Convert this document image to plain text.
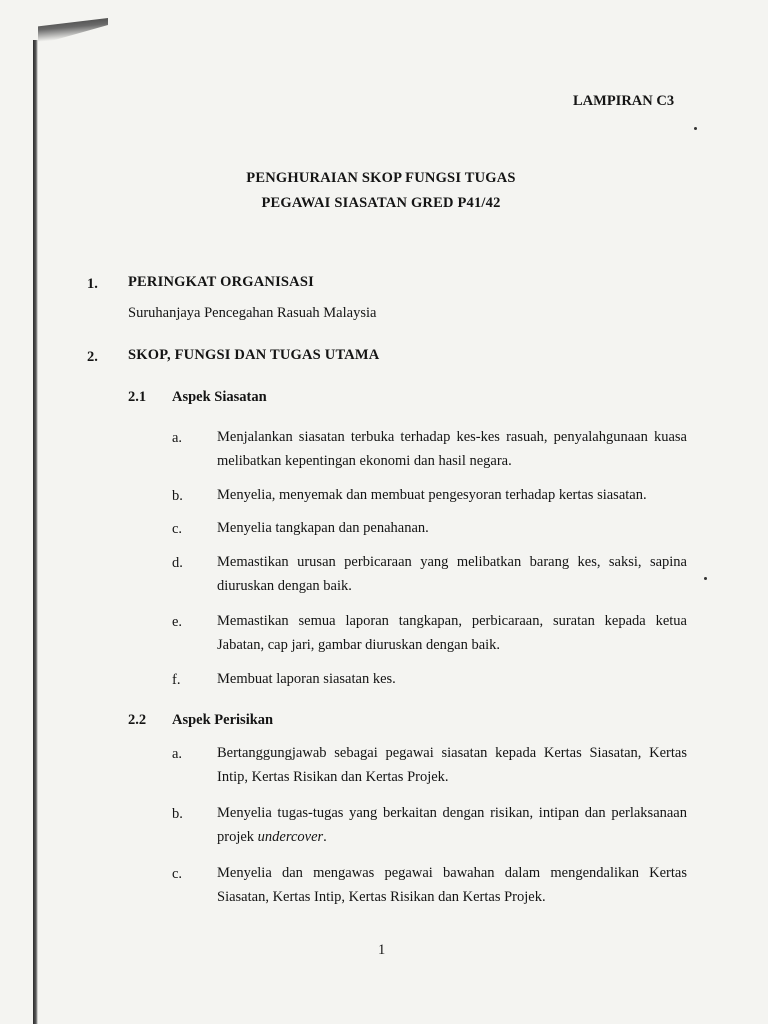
LAMPIRAN C3
PENGHURAIAN SKOP FUNGSI TUGAS
PEGAWAI SIASATAN GRED P41/42
1. PERINGKAT ORGANISASI
Suruhanjaya Pencegahan Rasuah Malaysia
2. SKOP, FUNGSI DAN TUGAS UTAMA
2.1 Aspek Siasatan
a. Menjalankan siasatan terbuka terhadap kes-kes rasuah, penyalahgunaan kuasa melibatkan kepentingan ekonomi dan hasil negara.
b. Menyelia, menyemak dan membuat pengesyoran terhadap kertas siasatan.
c. Menyelia tangkapan dan penahanan.
d. Memastikan urusan perbicaraan yang melibatkan barang kes, saksi, sapina diuruskan dengan baik.
e. Memastikan semua laporan tangkapan, perbicaraan, suratan kepada ketua Jabatan, cap jari, gambar diuruskan dengan baik.
f.	Membuat laporan siasatan kes.
2.2 Aspek Perisikan
a. Bertanggungjawab sebagai pegawai siasatan kepada Kertas Siasatan, Kertas Intip, Kertas Risikan dan Kertas Projek.
b. Menyelia tugas-tugas yang berkaitan dengan risikan, intipan dan perlaksanaan projek undercover.
c. Menyelia dan mengawas pegawai bawahan dalam mengendalikan Kertas Siasatan, Kertas Intip, Kertas Risikan dan Kertas Projek.
1
